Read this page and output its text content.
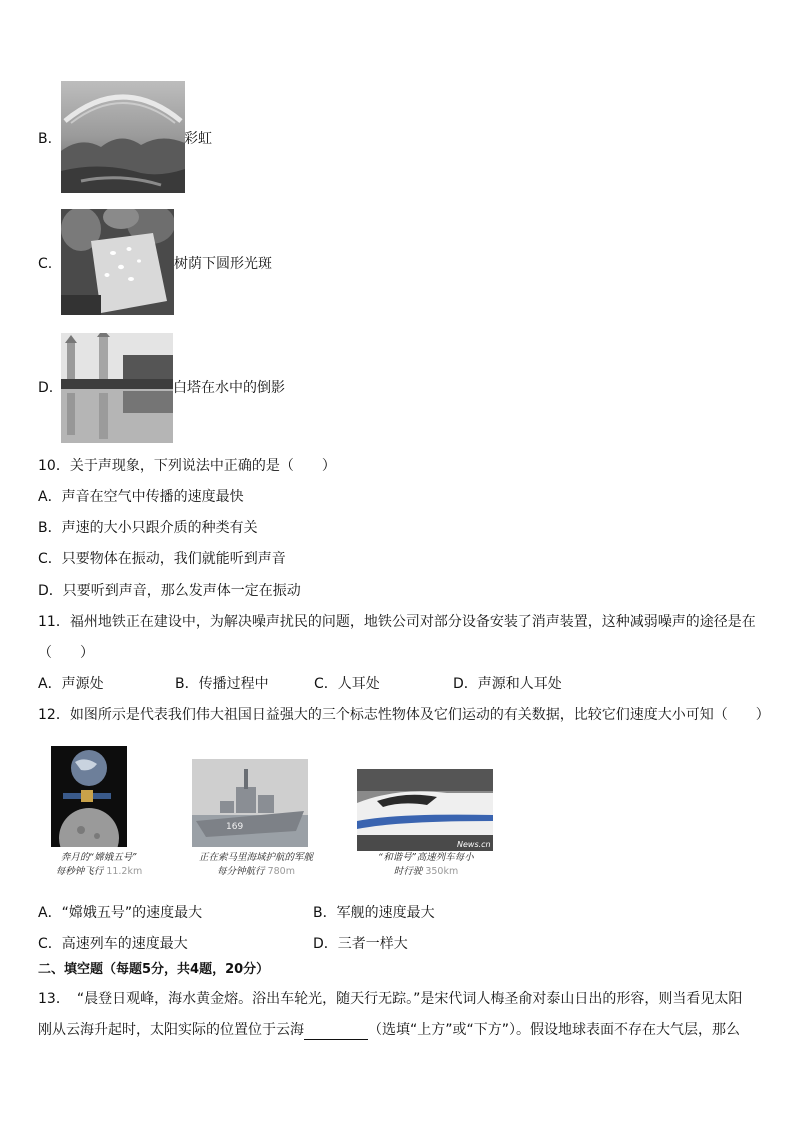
B.	彩虹
C.	树荫下圆形光斑
D.	白塔在水中的倒影
10．关于声现象，下列说法中正确的是（　　）
A．声音在空气中传播的速度最快
B．声速的大小只跟介质的种类有关
C．只要物体在振动，我们就能听到声音
D．只要听到声音，那么发声体一定在振动
11．福州地铁正在建设中，为解决噪声扰民的问题，地铁公司对部分设备安装了消声装置，这种减弱噪声的途径是在
（　　）
A．声源处	B．传播过程中	C．人耳处	D．声源和人耳处
12．如图所示是代表我们伟大祖国日益强大的三个标志性物体及它们运动的有关数据，比较它们速度大小可知（　　）
奔月的“嫦娥五号”
每秒钟飞行 11.2km
169
正在索马里海域护航的军舰
每分钟航行 780m
News.cn
“和谐号”高速列车每小
时行驶 350km
A．“嫦娥五号”的速度最大	B．军舰的速度最大
C．高速列车的速度最大	D．三者一样大
二、填空题（每题5分，共4题，20分）
13．　“晨登日观峰，海水黄金熔。浴出车轮光，随天行无踪。”是宋代词人梅圣俞对泰山日出的形容，则当看见太阳
刚从云海升起时，太阳实际的位置位于云海	（选填“上方”或“下方”）。假设地球表面不存在大气层，那么
